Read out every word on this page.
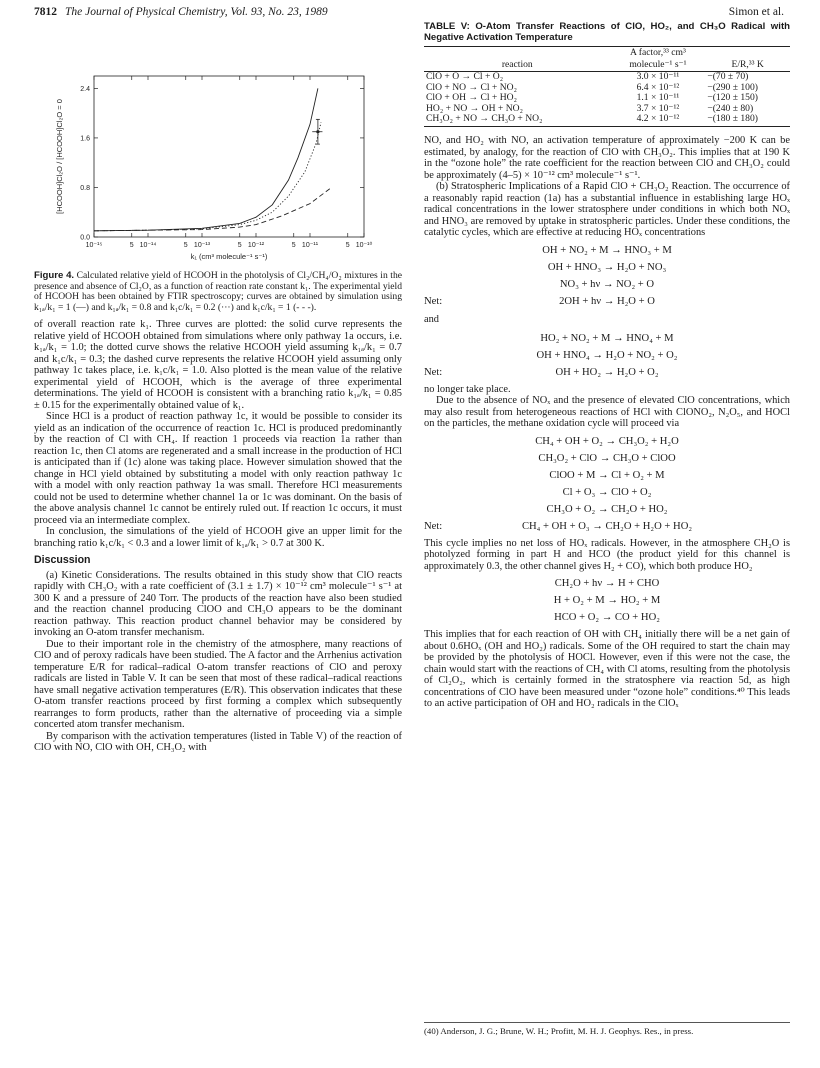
7812 The Journal of Physical Chemistry, Vol. 93, No. 23, 1989	Simon et al.
10⁻¹⁵	5 10⁻¹⁴	5 10⁻¹³	5 10⁻¹²	5 10⁻¹¹	5 10⁻¹⁰
0.0
0.8
1.6
2.4
k₁ (cm³ molecule⁻¹ s⁻¹)
[HCOOH]Cl₂O / [HCOOH]Cl₂O = 0

Figure 4. Calculated relative yield of HCOOH in the photolysis of Cl₂/CH₄/O₂ mixtures in the presence and absence of Cl₂O, as a function of reaction rate constant k₁. The experimental yield of HCOOH has been obtained by FTIR spectroscopy; curves are obtained by simulation using k₁ₐ/k₁ = 1 (—) and k₁ₐ/k₁ = 0.8 and k₁c/k₁ = 0.2 (···) and k₁c/k₁ = 1 (- - -).

of overall reaction rate k₁. Three curves are plotted: the solid curve represents the relative yield of HCOOH obtained from simulations where only pathway 1a occurs, i.e. k₁ₐ/k₁ = 1.0; the dotted curve shows the relative HCOOH yield assuming k₁ₐ/k₁ = 0.7 and k₁c/k₁ = 0.3; the dashed curve represents the relative HCOOH yield assuming only pathway 1c takes place, i.e. k₁c/k₁ = 1.0. Also plotted is the mean value of the relative experimental yield of HCOOH, which is the average of three experimental determinations. The yield of HCOOH is consistent with a branching ratio k₁ₐ/k₁ = 0.85 ± 0.15 for the experimentally obtained value of k₁.

Since HCl is a product of reaction pathway 1c, it would be possible to consider its yield as an indication of the occurrence of reaction 1c. HCl is produced predominantly by the reaction of Cl with CH₄. If reaction 1 proceeds via reaction 1a rather than reaction 1c, then Cl atoms are regenerated and a small increase in the production of HCl is anticipated than if (1c) alone was taking place. However simulation showed that the change in HCl yield obtained by substituting a model with only reaction pathway 1c with a model with only reaction pathway 1a was small. Therefore HCl measurements could not be used to determine whether channel 1a or 1c was dominant. On the basis of the above analysis channel 1c cannot be entirely ruled out. If reaction 1c occurs, it must proceed via an intermediate complex.

In conclusion, the simulations of the yield of HCOOH give an upper limit for the branching ratio k₁c/k₁ < 0.3 and a lower limit of k₁ₐ/k₁ > 0.7 at 300 K.

Discussion

(a) Kinetic Considerations. The results obtained in this study show that ClO reacts rapidly with CH₃O₂ with a rate coefficient of (3.1 ± 1.7) × 10⁻¹² cm³ molecule⁻¹ s⁻¹ at 300 K and a pressure of 240 Torr. The products of the reaction have also been studied and the reaction channel producing ClOO and CH₃O appears to be the dominant reaction pathway. This reaction product channel behavior may be considered by invoking an O-atom transfer mechanism.

Due to their important role in the chemistry of the atmosphere, many reactions of ClO and of peroxy radicals have been studied. The A factor and the Arrhenius activation temperature E/R for radical–radical O-atom transfer reactions of ClO and peroxy radicals are listed in Table V. It can be seen that most of these radical–radical reactions have small negative activation temperatures (E/R). This observation indicates that these O-atom transfer reactions proceed by first forming a complex which subsequently rearranges to form products, rather than the alternative of proceeding via a simple concerted atom transfer mechanism.

By comparison with the activation temperatures (listed in Table V) of the reaction of ClO with NO, ClO with OH, CH₃O₂ with

TABLE V: O-Atom Transfer Reactions of ClO, HO₂, and CH₃O Radical with Negative Activation Temperature
	A factor,³³ cm³	
reaction	molecule⁻¹ s⁻¹	E/R,³³ K
ClO + O → Cl + O₂	3.0 × 10⁻¹¹	−(70 ± 70)
ClO + NO → Cl + NO₂	6.4 × 10⁻¹²	−(290 ± 100)
ClO + OH → Cl + HO₂	1.1 × 10⁻¹¹	−(120 ± 150)
HO₂ + NO → OH + NO₂	3.7 × 10⁻¹²	−(240 ± 80)
CH₃O₂ + NO → CH₃O + NO₂	4.2 × 10⁻¹²	−(180 ± 180)

NO, and HO₂ with NO, an activation temperature of approximately −200 K can be estimated, by analogy, for the reaction of ClO with CH₃O₂. This implies that at 190 K in the “ozone hole” the rate coefficient for the reaction between ClO and CH₃O₂ could be approximately (4–5) × 10⁻¹² cm³ molecule⁻¹ s⁻¹.

(b) Stratospheric Implications of a Rapid ClO + CH₃O₂ Reaction. The occurrence of a reasonably rapid reaction (1a) has a substantial influence in establishing large HOₓ radical concentrations in the lower stratosphere under conditions in which both NOₓ and HNO₃ are removed by uptake in stratospheric particles. Under these conditions, the catalytic cycles, which are effective at reducing HOₓ concentrations

OH + NO₂ + M → HNO₃ + M
OH + HNO₃ → H₂O + NO₃
NO₃ + hν → NO₂ + O
Net:	2OH + hν → H₂O + O
and
HO₂ + NO₂ + M → HNO₄ + M
OH + HNO₄ → H₂O + NO₂ + O₂
Net:	OH + HO₂ → H₂O + O₂

no longer take place.

Due to the absence of NOₓ and the presence of elevated ClO concentrations, which may also result from heterogeneous reactions of HCl with ClONO₂, N₂O₅, and HOCl on the particles, the methane oxidation cycle will proceed via

CH₄ + OH + O₂ → CH₃O₂ + H₂O
CH₃O₂ + ClO → CH₃O + ClOO
ClOO + M → Cl + O₂ + M
Cl + O₃ → ClO + O₂
CH₃O + O₂ → CH₂O + HO₂
Net:	CH₄ + OH + O₃ → CH₂O + H₂O + HO₂

This cycle implies no net loss of HOₓ radicals. However, in the atmosphere CH₂O is photolyzed forming in part H and HCO (the product yield for this channel is approximately 0.3, the other channel gives H₂ + CO), which both produce HO₂

CH₂O + hν → H + CHO
H + O₂ + M → HO₂ + M
HCO + O₂ → CO + HO₂

This implies that for each reaction of OH with CH₄ initially there will be a net gain of about 0.6HOₓ (OH and HO₂) radicals. Some of the OH required to start the chain may be provided by the photolysis of HOCl. However, even if this were not the case, the chain would start with the reactions of CH₄ with Cl atoms, resulting from the photolysis of Cl₂O₂, which is certainly formed in the stratosphere via reaction 5d, as high concentrations of ClO have been measured under “ozone hole” conditions.⁴⁰ This leads to an active participation of OH and HO₂ radicals in the ClOₓ

(40) Anderson, J. G.; Brune, W. H.; Profitt, M. H. J. Geophys. Res., in press.
